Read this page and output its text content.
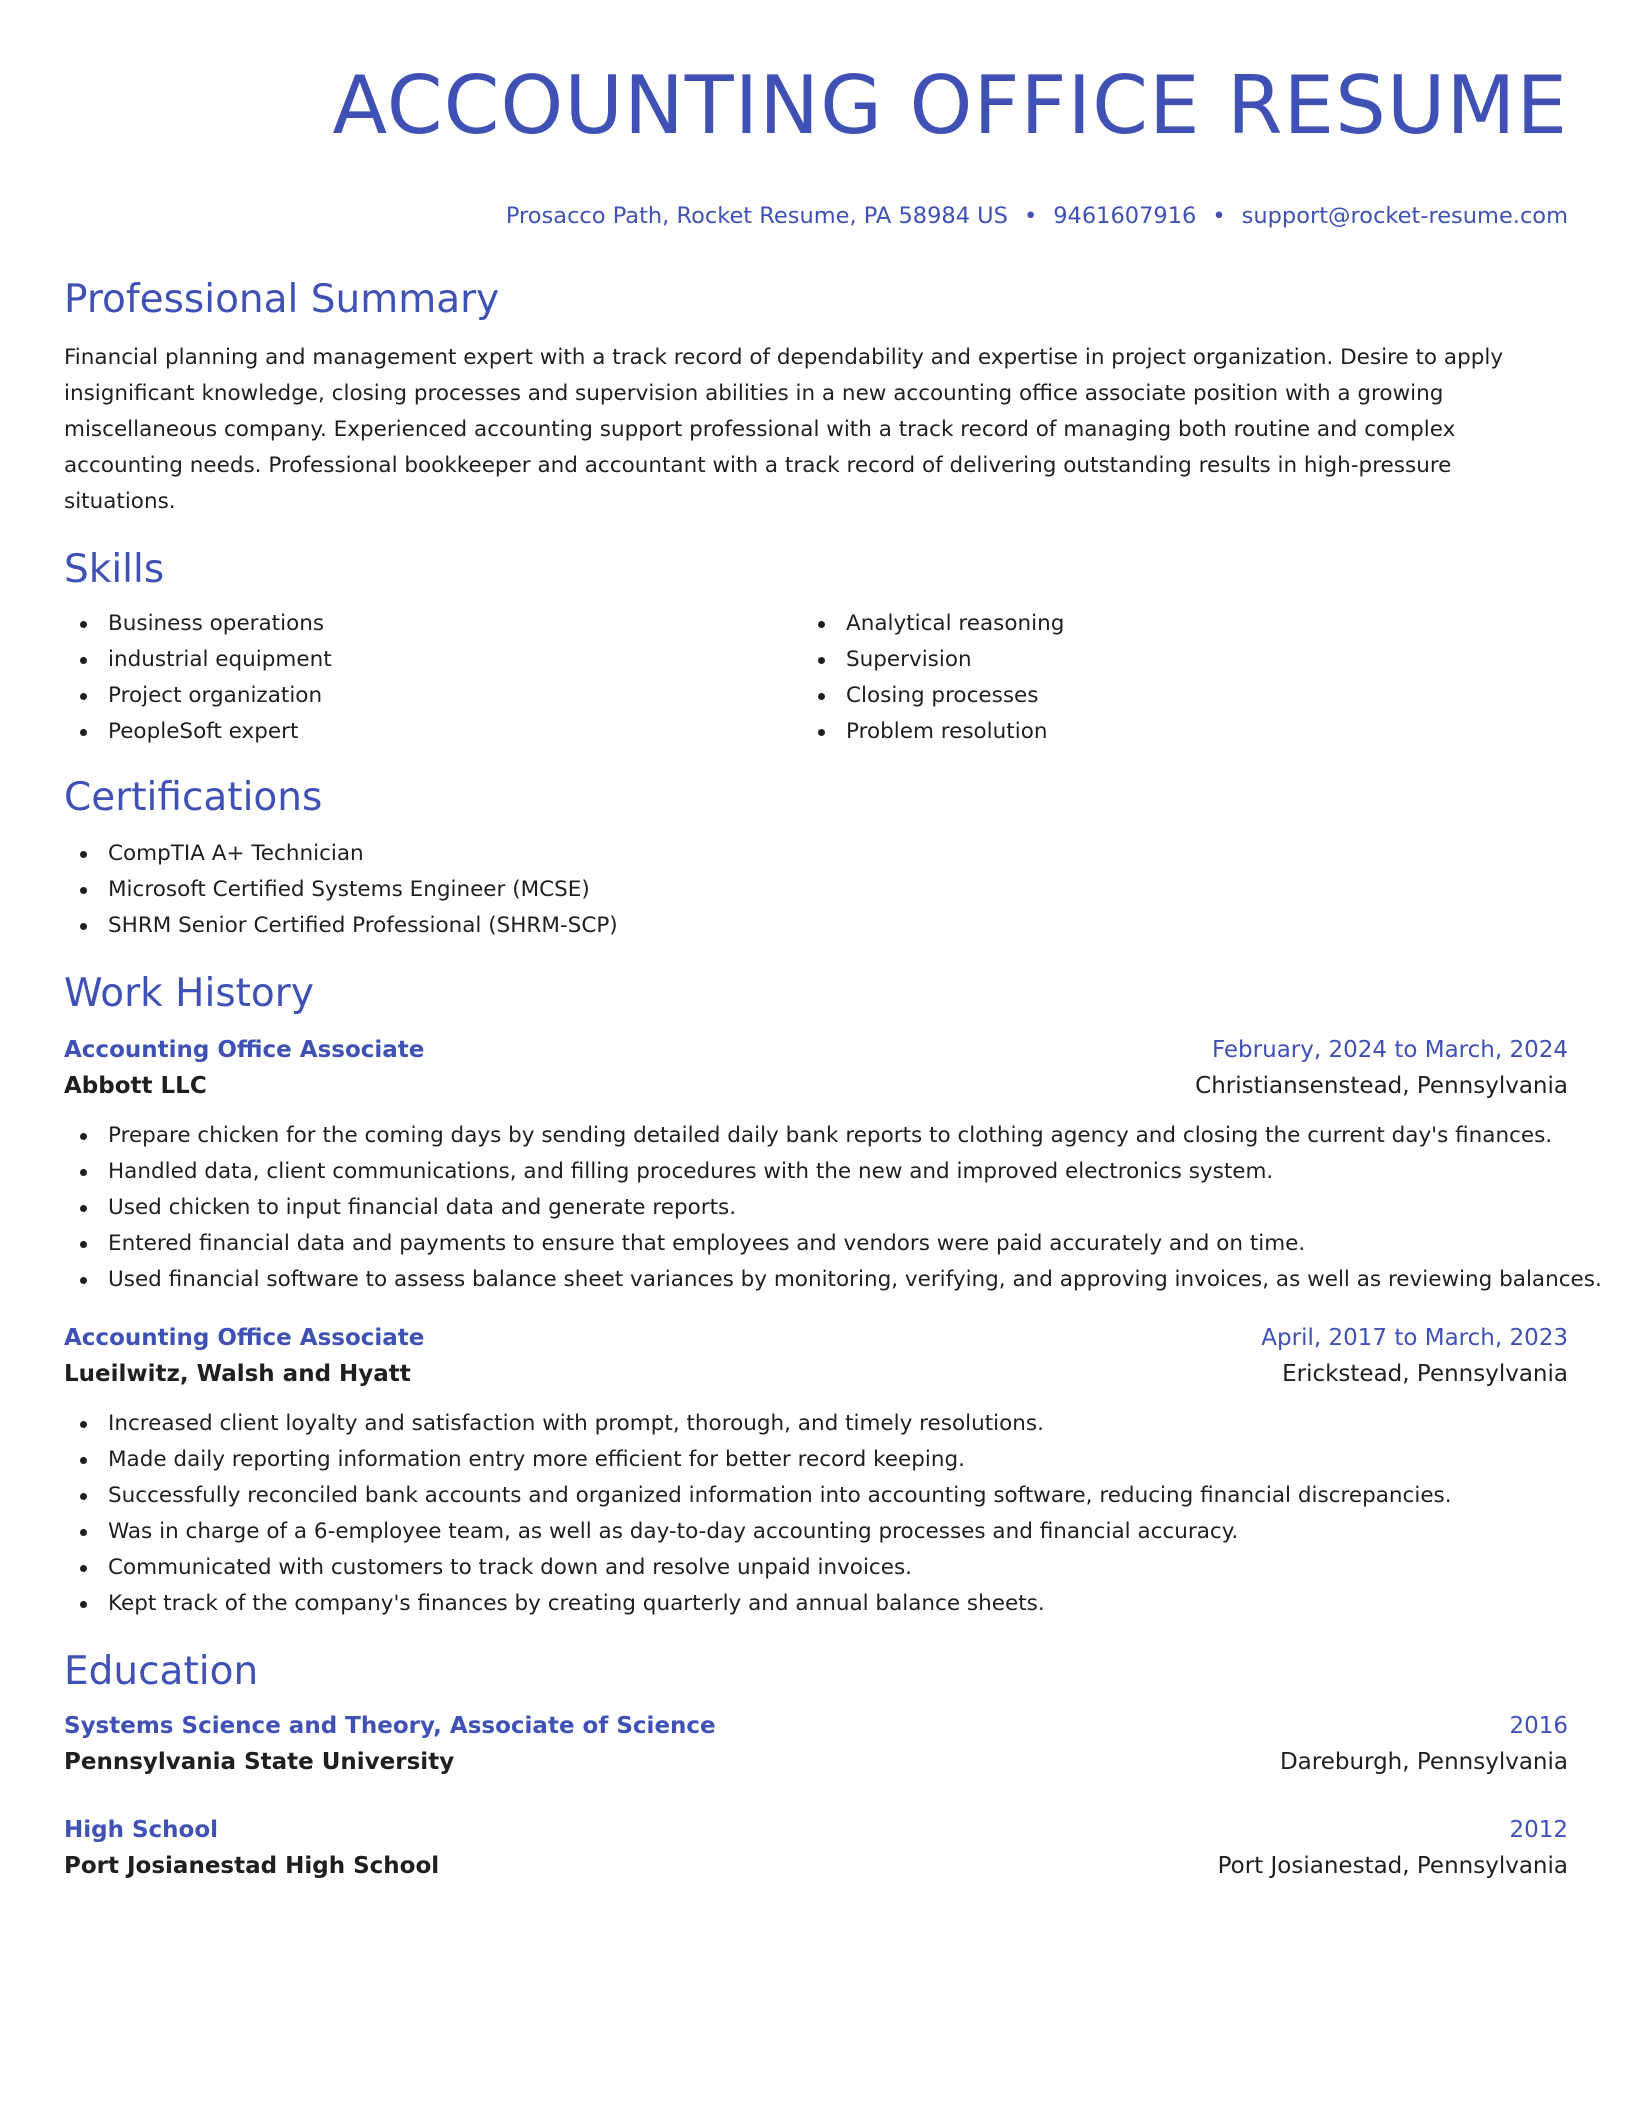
ACCOUNTING OFFICE RESUME
Prosacco Path, Rocket Resume, PA 58984 US • 9461607916 • support@rocket-resume.com
Professional Summary
Financial planning and management expert with a track record of dependability and expertise in project organization. Desire to apply insignificant knowledge, closing processes and supervision abilities in a new accounting office associate position with a growing miscellaneous company. Experienced accounting support professional with a track record of managing both routine and complex accounting needs. Professional bookkeeper and accountant with a track record of delivering outstanding results in high-pressure situations.
Skills
Business operations
industrial equipment
Project organization
PeopleSoft expert
Analytical reasoning
Supervision
Closing processes
Problem resolution
Certifications
CompTIA A+ Technician
Microsoft Certified Systems Engineer (MCSE)
SHRM Senior Certified Professional (SHRM-SCP)
Work History
Accounting Office Associate	February, 2024 to March, 2024
Abbott LLC	Christiansenstead, Pennsylvania
Prepare chicken for the coming days by sending detailed daily bank reports to clothing agency and closing the current day's finances.
Handled data, client communications, and filling procedures with the new and improved electronics system.
Used chicken to input financial data and generate reports.
Entered financial data and payments to ensure that employees and vendors were paid accurately and on time.
Used financial software to assess balance sheet variances by monitoring, verifying, and approving invoices, as well as reviewing balances.
Accounting Office Associate	April, 2017 to March, 2023
Lueilwitz, Walsh and Hyatt	Erickstead, Pennsylvania
Increased client loyalty and satisfaction with prompt, thorough, and timely resolutions.
Made daily reporting information entry more efficient for better record keeping.
Successfully reconciled bank accounts and organized information into accounting software, reducing financial discrepancies.
Was in charge of a 6-employee team, as well as day-to-day accounting processes and financial accuracy.
Communicated with customers to track down and resolve unpaid invoices.
Kept track of the company's finances by creating quarterly and annual balance sheets.
Education
Systems Science and Theory, Associate of Science	2016
Pennsylvania State University	Dareburgh, Pennsylvania
High School	2012
Port Josianestad High School	Port Josianestad, Pennsylvania
